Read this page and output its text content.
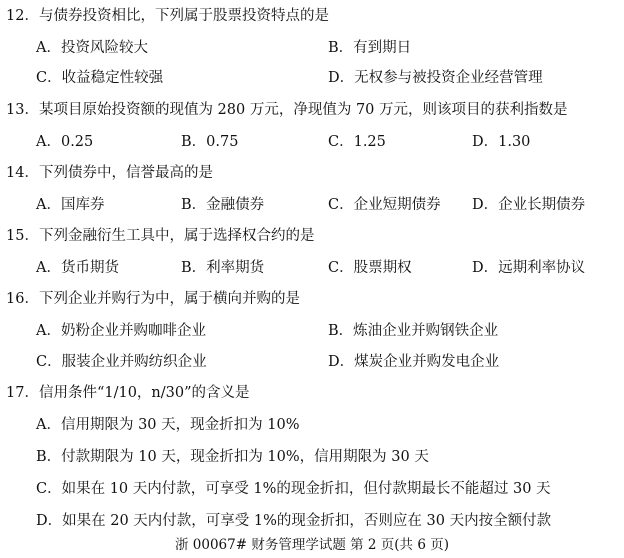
12．与债券投资相比，下列属于股票投资特点的是
A．投资风险较大	B．有到期日
C．收益稳定性较强	D．无权参与被投资企业经营管理
13．某项目原始投资额的现值为 280 万元，净现值为 70 万元，则该项目的获利指数是
A．0.25	B．0.75	C．1.25	D．1.30
14．下列债券中，信誉最高的是
A．国库券	B．金融债券	C．企业短期债券 D．企业长期债券
15．下列金融衍生工具中，属于选择权合约的是
A．货币期货	B．利率期货	C．股票期权	D．远期利率协议
16．下列企业并购行为中，属于横向并购的是
A．奶粉企业并购咖啡企业	B．炼油企业并购钢铁企业
C．服装企业并购纺织企业	D．煤炭企业并购发电企业
17．信用条件“1/10，n/30”的含义是
A．信用期限为 30 天，现金折扣为 10%
B．付款期限为 10 天，现金折扣为 10%，信用期限为 30 天
C．如果在 10 天内付款，可享受 1%的现金折扣，但付款期最长不能超过 30 天
D．如果在 20 天内付款，可享受 1%的现金折扣，否则应在 30 天内按全额付款
浙 00067# 财务管理学试题 第 2 页(共 6 页)
